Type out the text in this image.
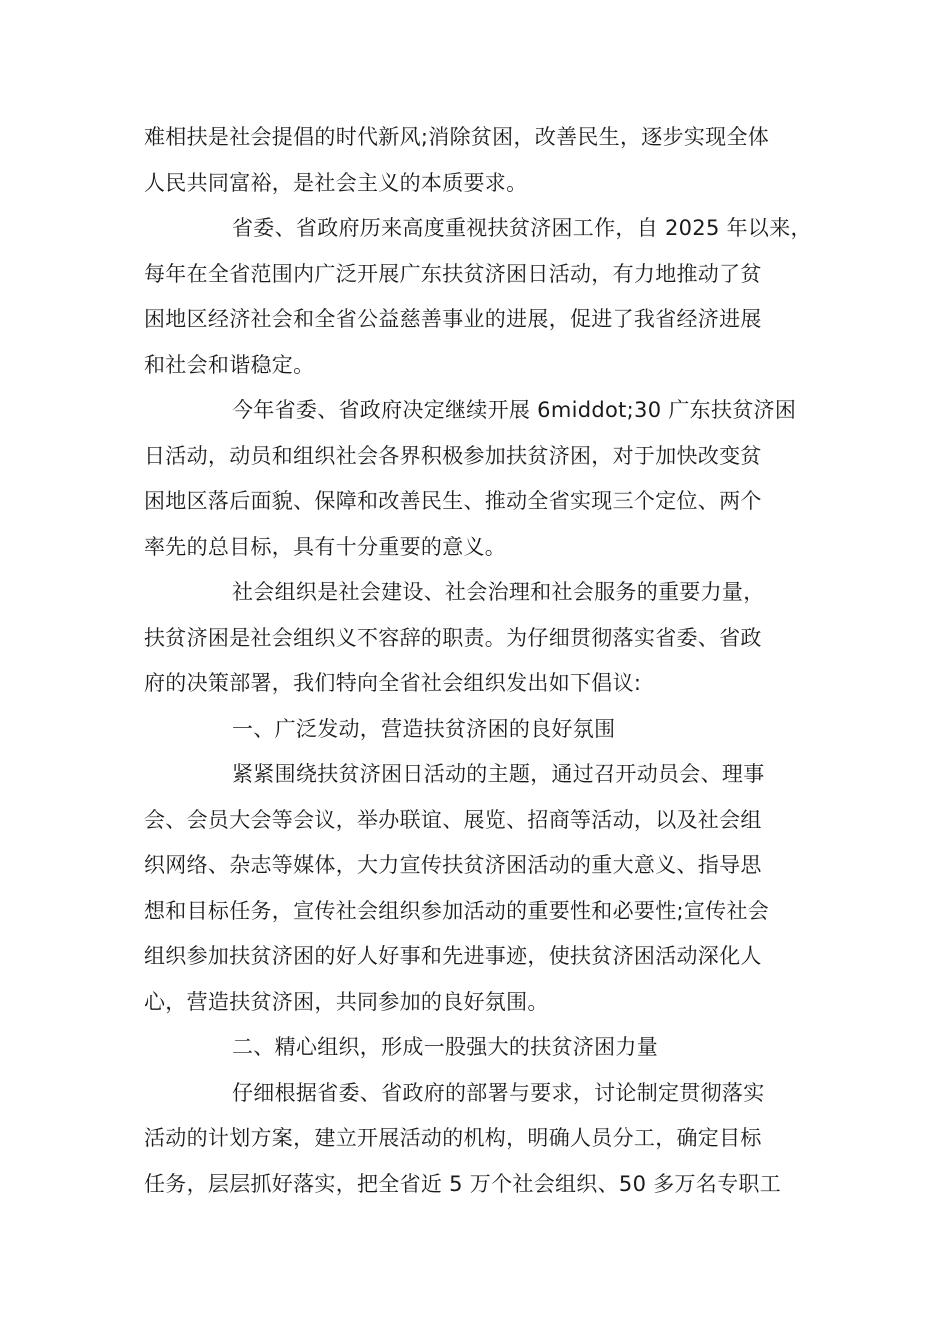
难相扶是社会提倡的时代新风;消除贫困，改善民生，逐步实现全体
人民共同富裕，是社会主义的本质要求。
省委、省政府历来高度重视扶贫济困工作，自 2025 年以来，
每年在全省范围内广泛开展广东扶贫济困日活动，有力地推动了贫
困地区经济社会和全省公益慈善事业的进展，促进了我省经济进展
和社会和谐稳定。
今年省委、省政府决定继续开展 6middot;30 广东扶贫济困
日活动，动员和组织社会各界积极参加扶贫济困，对于加快改变贫
困地区落后面貌、保障和改善民生、推动全省实现三个定位、两个
率先的总目标，具有十分重要的意义。
社会组织是社会建设、社会治理和社会服务的重要力量，
扶贫济困是社会组织义不容辞的职责。为仔细贯彻落实省委、省政
府的决策部署，我们特向全省社会组织发出如下倡议:
一、广泛发动，营造扶贫济困的良好氛围
紧紧围绕扶贫济困日活动的主题，通过召开动员会、理事
会、会员大会等会议，举办联谊、展览、招商等活动，以及社会组
织网络、杂志等媒体，大力宣传扶贫济困活动的重大意义、指导思
想和目标任务，宣传社会组织参加活动的重要性和必要性;宣传社会
组织参加扶贫济困的好人好事和先进事迹，使扶贫济困活动深化人
心，营造扶贫济困，共同参加的良好氛围。
二、精心组织，形成一股强大的扶贫济困力量
仔细根据省委、省政府的部署与要求，讨论制定贯彻落实
活动的计划方案，建立开展活动的机构，明确人员分工，确定目标
任务，层层抓好落实，把全省近 5 万个社会组织、50 多万名专职工
